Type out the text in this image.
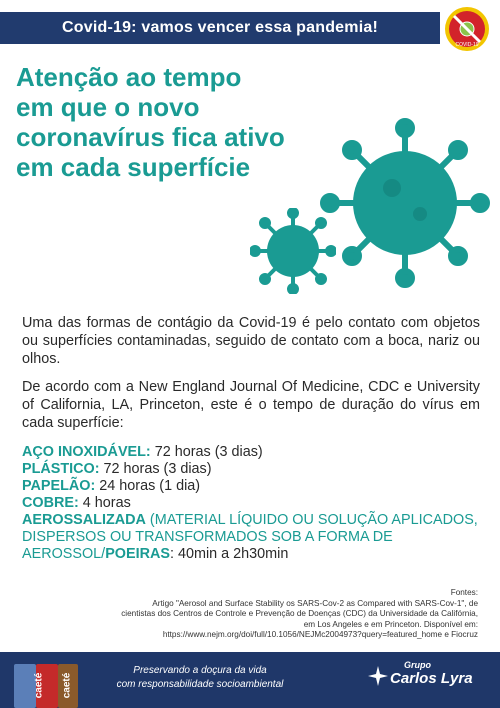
Covid-19: vamos vencer essa pandemia!
COVID-19
Atenção ao tempo
em que o novo
coronavírus fica ativo
em cada superfície

Uma das formas de contágio da Covid-19 é pelo contato com objetos ou superfícies contaminadas, seguido de contato com a boca, nariz ou olhos.

De acordo com a New England Journal Of Medicine, CDC e University of California, LA, Princeton, este é o tempo de duração do vírus em cada superfície:

AÇO INOXIDÁVEL: 72 horas (3 dias)
PLÁSTICO: 72 horas (3 dias)
PAPELÃO: 24 horas (1 dia)
COBRE: 4 horas
AEROSSALIZADA (MATERIAL LÍQUIDO OU SOLUÇÃO APLICADOS, DISPERSOS OU TRANSFORMADOS SOB A FORMA DE AEROSSOL/POEIRAS: 40min a 2h30min
Fontes:
Artigo "Aerosol and Surface Stability os SARS-Cov-2 as Compared with SARS-Cov-1", de
cientistas dos Centros de Controle e Prevenção de Doenças (CDC) da Universidade da Califórnia,
em Los Angeles e em Princeton. Disponível em:
https://www.nejm.org/doi/full/10.1056/NEJMc2004973?query=featured_home e Fiocruz
caeté caeté
Preservando a doçura da vida
com responsabilidade socioambiental
Grupo
Carlos Lyra
